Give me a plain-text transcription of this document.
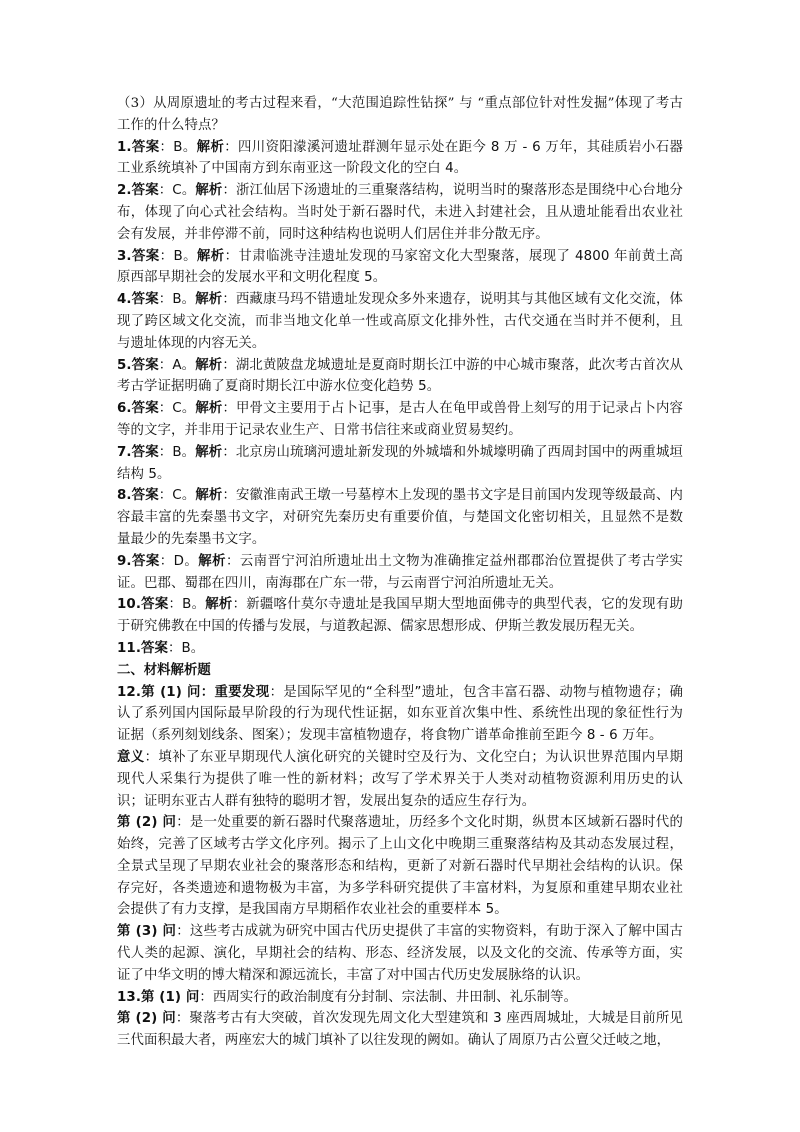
（3）从周原遗址的考古过程来看，“大范围追踪性钻探” 与 “重点部位针对性发掘”体现了考古工作的什么特点？

1.答案：B。解析：四川资阳濛溪河遗址群测年显示处在距今 8 万 - 6 万年，其硅质岩小石器工业系统填补了中国南方到东南亚这一阶段文化的空白 4。

2.答案：C。解析：浙江仙居下汤遗址的三重聚落结构，说明当时的聚落形态是围绕中心台地分布，体现了向心式社会结构。当时处于新石器时代，未进入封建社会，且从遗址能看出农业社会有发展，并非停滞不前，同时这种结构也说明人们居住并非分散无序。

3.答案：B。解析：甘肃临洮寺洼遗址发现的马家窑文化大型聚落，展现了 4800 年前黄土高原西部早期社会的发展水平和文明化程度 5。

4.答案：B。解析：西藏康马玛不错遗址发现众多外来遗存，说明其与其他区域有文化交流，体现了跨区域文化交流，而非当地文化单一性或高原文化排外性，古代交通在当时并不便利，且与遗址体现的内容无关。

5.答案：A。解析：湖北黄陂盘龙城遗址是夏商时期长江中游的中心城市聚落，此次考古首次从考古学证据明确了夏商时期长江中游水位变化趋势 5。

6.答案：C。解析：甲骨文主要用于占卜记事，是古人在龟甲或兽骨上刻写的用于记录占卜内容等的文字，并非用于记录农业生产、日常书信往来或商业贸易契约。

7.答案：B。解析：北京房山琉璃河遗址新发现的外城墙和外城壕明确了西周封国中的两重城垣结构 5。

8.答案：C。解析：安徽淮南武王墩一号墓椁木上发现的墨书文字是目前国内发现等级最高、内容最丰富的先秦墨书文字，对研究先秦历史有重要价值，与楚国文化密切相关，且显然不是数量最少的先秦墨书文字。

9.答案：D。解析：云南晋宁河泊所遗址出土文物为准确推定益州郡郡治位置提供了考古学实证。巴郡、蜀郡在四川，南海郡在广东一带，与云南晋宁河泊所遗址无关。

10.答案：B。解析：新疆喀什莫尔寺遗址是我国早期大型地面佛寺的典型代表，它的发现有助于研究佛教在中国的传播与发展，与道教起源、儒家思想形成、伊斯兰教发展历程无关。

11.答案：B。

二、材料解析题

12.第 (1) 问：重要发现：是国际罕见的“全科型”遗址，包含丰富石器、动物与植物遗存；确认了系列国内国际最早阶段的行为现代性证据，如东亚首次集中性、系统性出现的象征性行为证据（系列刻划线条、图案）；发现丰富植物遗存，将食物广谱革命推前至距今 8 - 6 万年。

意义：填补了东亚早期现代人演化研究的关键时空及行为、文化空白；为认识世界范围内早期现代人采集行为提供了唯一性的新材料；改写了学术界关于人类对动植物资源利用历史的认识；证明东亚古人群有独特的聪明才智，发展出复杂的适应生存行为。

第 (2) 问：是一处重要的新石器时代聚落遗址，历经多个文化时期，纵贯本区域新石器时代的始终，完善了区域考古学文化序列。揭示了上山文化中晚期三重聚落结构及其动态发展过程，全景式呈现了早期农业社会的聚落形态和结构，更新了对新石器时代早期社会结构的认识。保存完好，各类遗迹和遗物极为丰富，为多学科研究提供了丰富材料，为复原和重建早期农业社会提供了有力支撑，是我国南方早期稻作农业社会的重要样本 5。

第 (3) 问：这些考古成就为研究中国古代历史提供了丰富的实物资料，有助于深入了解中国古代人类的起源、演化，早期社会的结构、形态、经济发展，以及文化的交流、传承等方面，实证了中华文明的博大精深和源远流长，丰富了对中国古代历史发展脉络的认识。

13.第 (1) 问：西周实行的政治制度有分封制、宗法制、井田制、礼乐制等。

第 (2) 问：聚落考古有大突破，首次发现先周文化大型建筑和 3 座西周城址，大城是目前所见三代面积最大者，两座宏大的城门填补了以往发现的阙如。确认了周原乃古公亶父迁岐之地，
